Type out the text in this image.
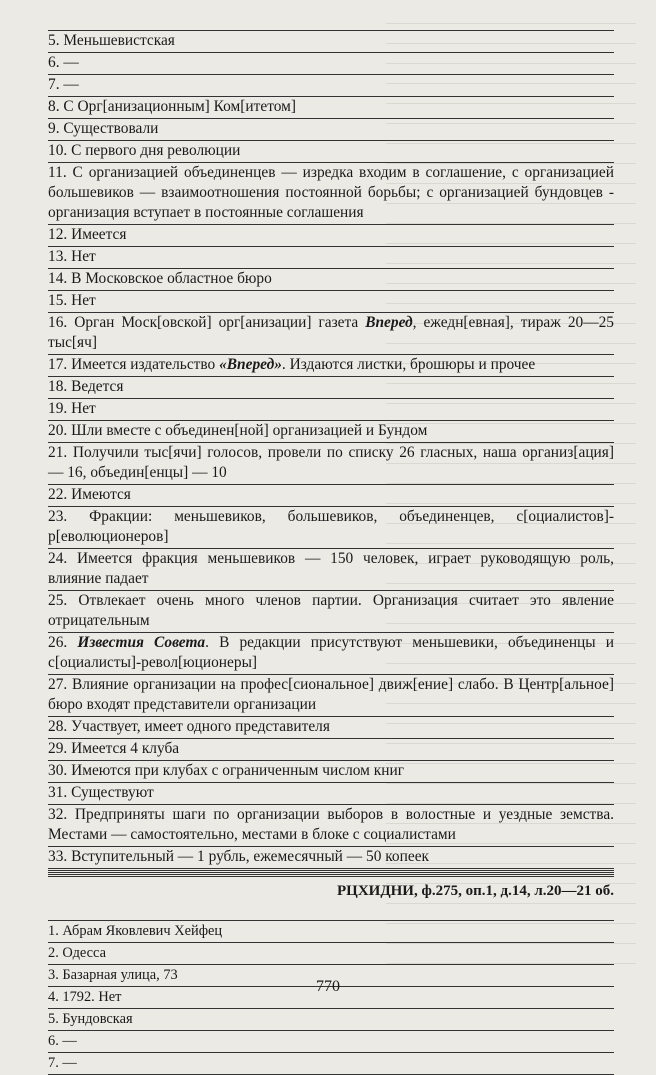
5. Меньшевистская
6. —
7. —
8. С Орг[анизационным] Ком[итетом]
9. Существовали
10. С первого дня революции
11. С организацией объединенцев — изредка входим в соглашение, с организацией большевиков — взаимоотношения постоянной борьбы; с организацией бундовцев - организация вступает в постоянные соглашения
12. Имеется
13. Нет
14. В Московское областное бюро
15. Нет
16. Орган Моск[овской] орг[анизации] газета Вперед, ежедн[евная], тираж 20—25 тыс[яч]
17. Имеется издательство «Вперед». Издаются листки, брошюры и прочее
18. Ведется
19. Нет
20. Шли вместе с объединен[ной] организацией и Бундом
21. Получили тыс[ячи] голосов, провели по списку 26 гласных, наша организ[ация] — 16, объедин[енцы] — 10
22. Имеются
23. Фракции: меньшевиков, большевиков, объединенцев, с[оциалистов]-р[еволюционеров]
24. Имеется фракция меньшевиков — 150 человек, играет руководящую роль, влияние падает
25. Отвлекает очень много членов партии. Организация считает это явление отрицательным
26. Известия Совета. В редакции присутствуют меньшевики, объединенцы и с[оциалисты]-револ[юционеры]
27. Влияние организации на профес[сиональное] движ[ение] слабо. В Центр[альное] бюро входят представители организации
28. Участвует, имеет одного представителя
29. Имеется 4 клуба
30. Имеются при клубах с ограниченным числом книг
31. Существуют
32. Предприняты шаги по организации выборов в волостные и уездные земства. Местами — самостоятельно, местами в блоке с социалистами
33. Вступительный — 1 рубль, ежемесячный — 50 копеек
РЦХИДНИ, ф.275, оп.1, д.14, л.20—21 об.
1. Абрам Яковлевич Хейфец
2. Одесса
3. Базарная улица, 73
4. 1792. Нет
5. Бундовская
6. —
7. —
770
